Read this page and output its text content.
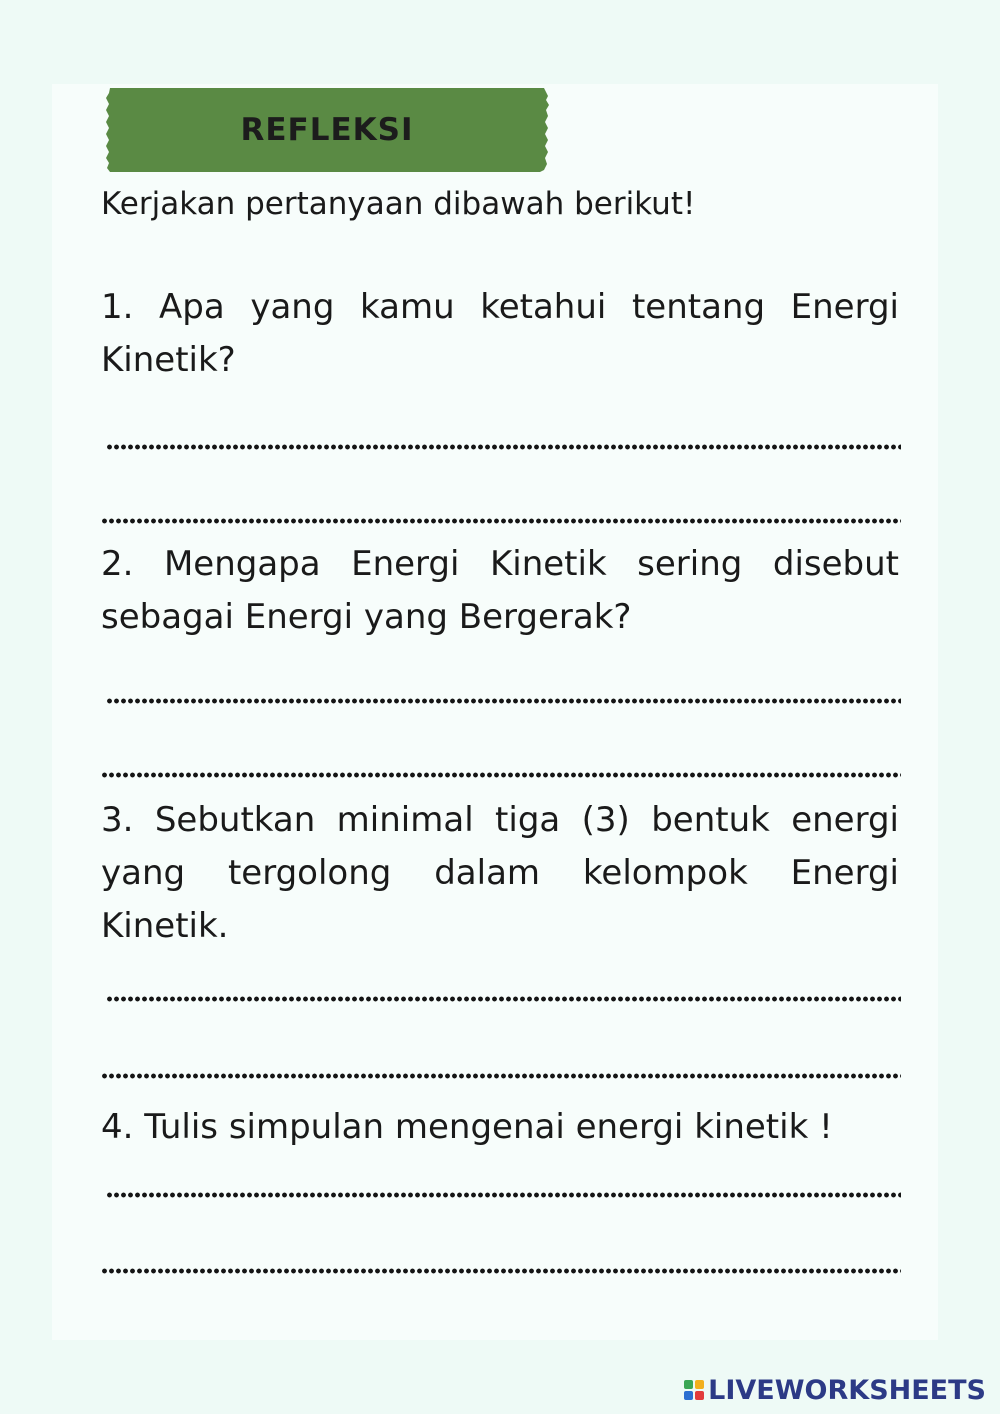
REFLEKSI
Kerjakan pertanyaan dibawah berikut!
1. Apa yang kamu ketahui tentang Energi Kinetik?
2. Mengapa Energi Kinetik sering disebut sebagai Energi yang Bergerak?
3. Sebutkan minimal tiga (3) bentuk energi yang tergolong dalam kelompok Energi Kinetik.
4. Tulis simpulan mengenai energi kinetik !
LIVEWORKSHEETS
